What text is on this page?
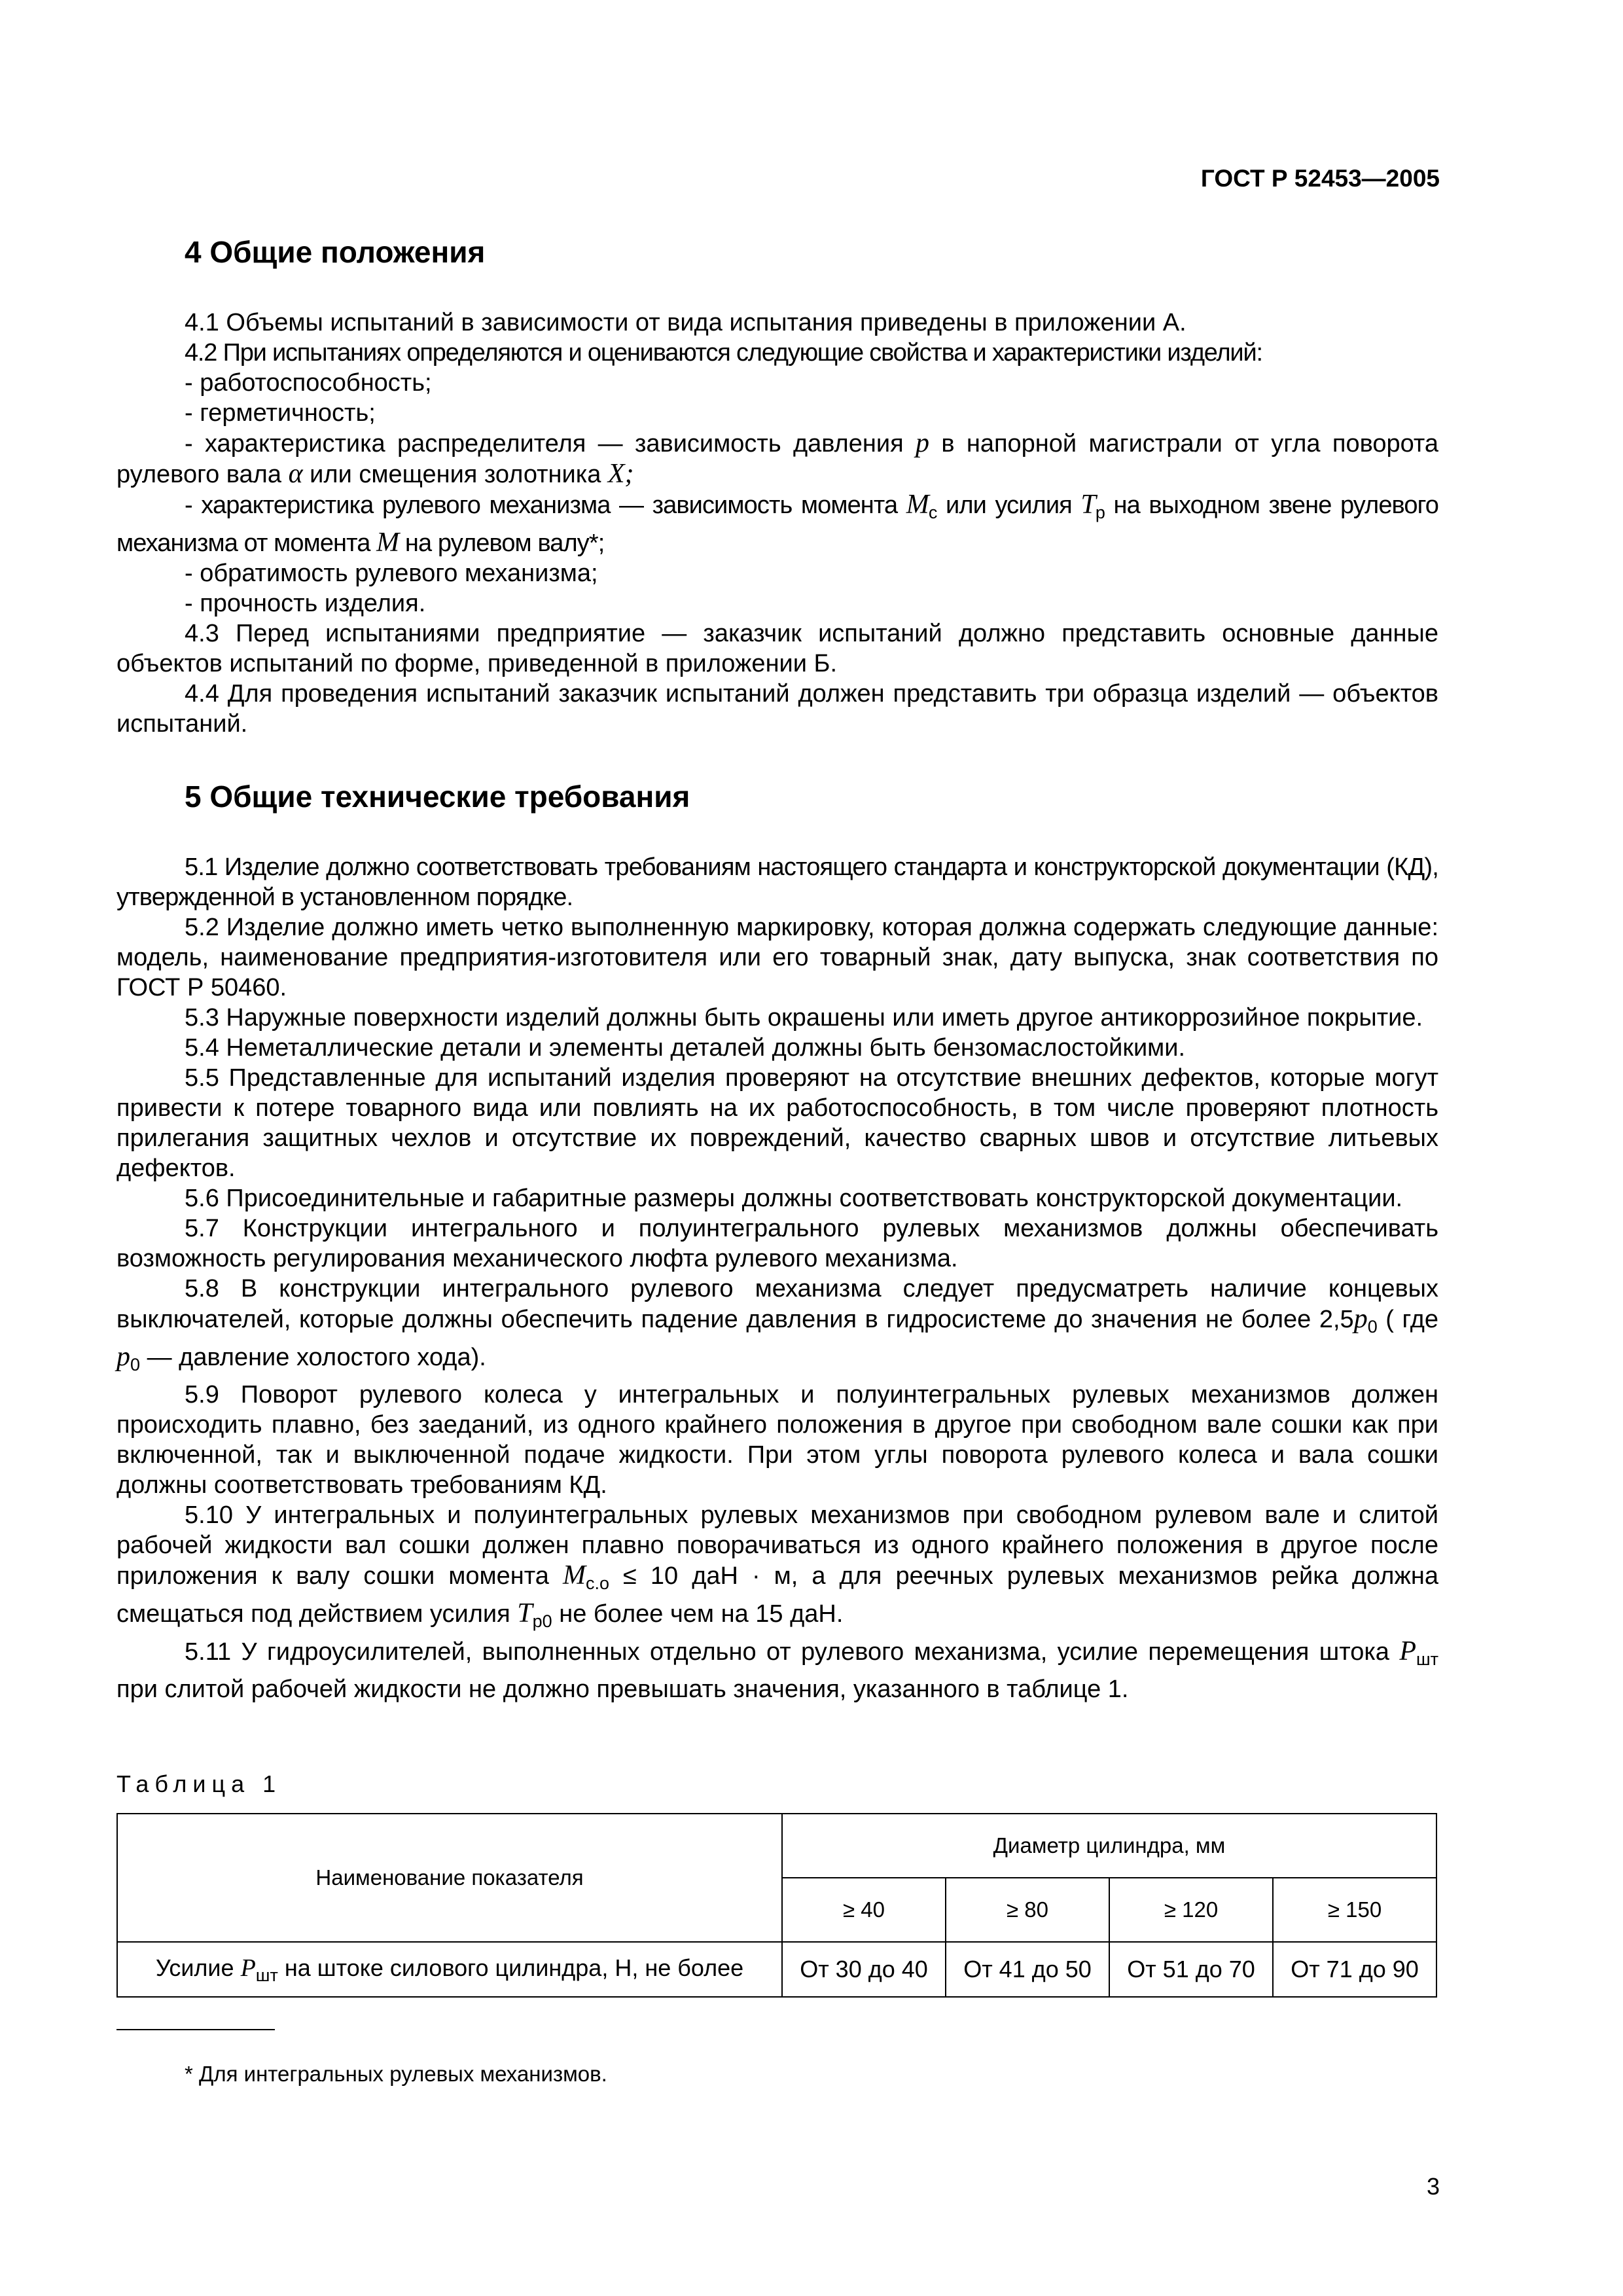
ГОСТ Р 52453—2005
4 Общие положения

4.1 Объемы испытаний в зависимости от вида испытания приведены в приложении А.

4.2 При испытаниях определяются и оцениваются следующие свойства и характеристики изделий:

- работоспособность;

- герметичность;

- характеристика распределителя — зависимость давления p в напорной магистрали от угла поворота рулевого вала α или смещения золотника X;

- характеристика рулевого механизма — зависимость момента $M_c$ или усилия $T_р$ на выходном звене рулевого механизма от момента M на рулевом валу*;

- обратимость рулевого механизма;

- прочность изделия.

4.3 Перед испытаниями предприятие — заказчик испытаний должно представить основные данные объектов испытаний по форме, приведенной в приложении Б.

4.4 Для проведения испытаний заказчик испытаний должен представить три образца изделий — объектов испытаний.

5 Общие технические требования

5.1 Изделие должно соответствовать требованиям настоящего стандарта и конструкторской документации (КД), утвержденной в установленном порядке.

5.2 Изделие должно иметь четко выполненную маркировку, которая должна содержать следующие данные: модель, наименование предприятия-изготовителя или его товарный знак, дату выпуска, знак соответствия по ГОСТ Р 50460.

5.3 Наружные поверхности изделий должны быть окрашены или иметь другое антикоррозийное покрытие.

5.4 Неметаллические детали и элементы деталей должны быть бензомаслостойкими.

5.5 Представленные для испытаний изделия проверяют на отсутствие внешних дефектов, которые могут привести к потере товарного вида или повлиять на их работоспособность, в том числе проверяют плотность прилегания защитных чехлов и отсутствие их повреждений, качество сварных швов и отсутствие литьевых дефектов.

5.6 Присоединительные и габаритные размеры должны соответствовать конструкторской документации.

5.7 Конструкции интегрального и полуинтегрального рулевых механизмов должны обеспечивать возможность регулирования механического люфта рулевого механизма.

5.8 В конструкции интегрального рулевого механизма следует предусматреть наличие концевых выключателей, которые должны обеспечить падение давления в гидросистеме до значения не более $2,5p_0$ ( где $p_0$ — давление холостого хода).

5.9 Поворот рулевого колеса у интегральных и полуинтегральных рулевых механизмов должен происходить плавно, без заеданий, из одного крайнего положения в другое при свободном вале сошки как при включенной, так и выключенной подаче жидкости. При этом углы поворота рулевого колеса и вала сошки должны соответствовать требованиям КД.

5.10 У интегральных и полуинтегральных рулевых механизмов при свободном рулевом вале и слитой рабочей жидкости вал сошки должен плавно поворачиваться из одного крайнего положения в другое после приложения к валу сошки момента $M_{c.o} \le 10$ даН · м, а для реечных рулевых механизмов рейка должна смещаться под действием усилия $T_{р0}$ не более чем на 15 даН.

5.11 У гидроусилителей, выполненных отдельно от рулевого механизма, усилие перемещения штока $P_{шт}$ при слитой рабочей жидкости не должно превышать значения, указанного в таблице 1.

Таблица 1
Наименование показателя	Диаметр цилиндра, мм			
	≥ 40	≥ 80	≥ 120	≥ 150
Усилие $P_{шт}$ на штоке силового цилиндра, Н, не более	От 30 до 40	От 41 до 50	От 51 до 70	От 71 до 90
* Для интегральных рулевых механизмов.
3
